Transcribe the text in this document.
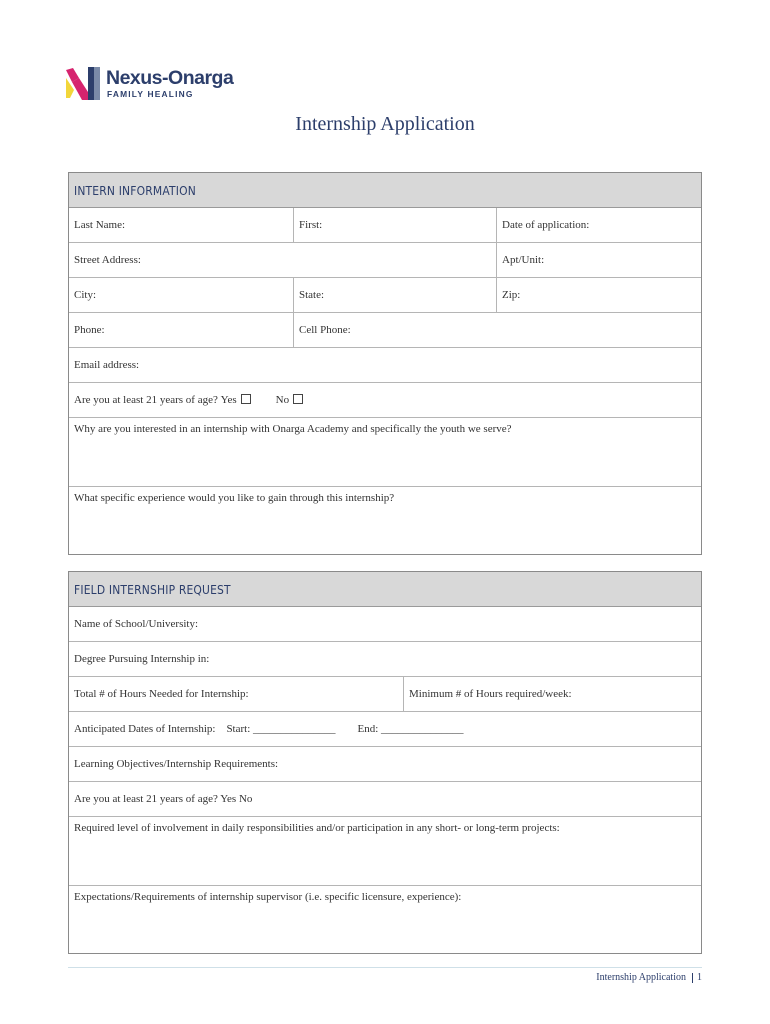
Nexus-Onarga
FAMILY HEALING
Internship Application
INTERN INFORMATION
Last Name:	First:	Date of application:
Street Address:	Apt/Unit:
City:	State:	Zip:
Phone:	Cell Phone:
Email address:
Are you at least 21 years of age?
Yes	No
Why are you interested in an internship with Onarga Academy and specifically the youth we serve?
What specific experience would you like to gain through this internship?
FIELD INTERNSHIP REQUEST
Name of School/University:
Degree Pursuing Internship in:
Total # of Hours Needed for Internship:	Minimum # of Hours required/week:
Anticipated Dates of Internship:
Start: _______________
End: _______________
Learning Objectives/Internship Requirements:
Are you at least 21 years of age? Yes No
Required level of involvement in daily responsibilities and/or participation in any short- or long-term projects:
Expectations/Requirements of internship supervisor (i.e. specific licensure, experience):
Internship Application 1
